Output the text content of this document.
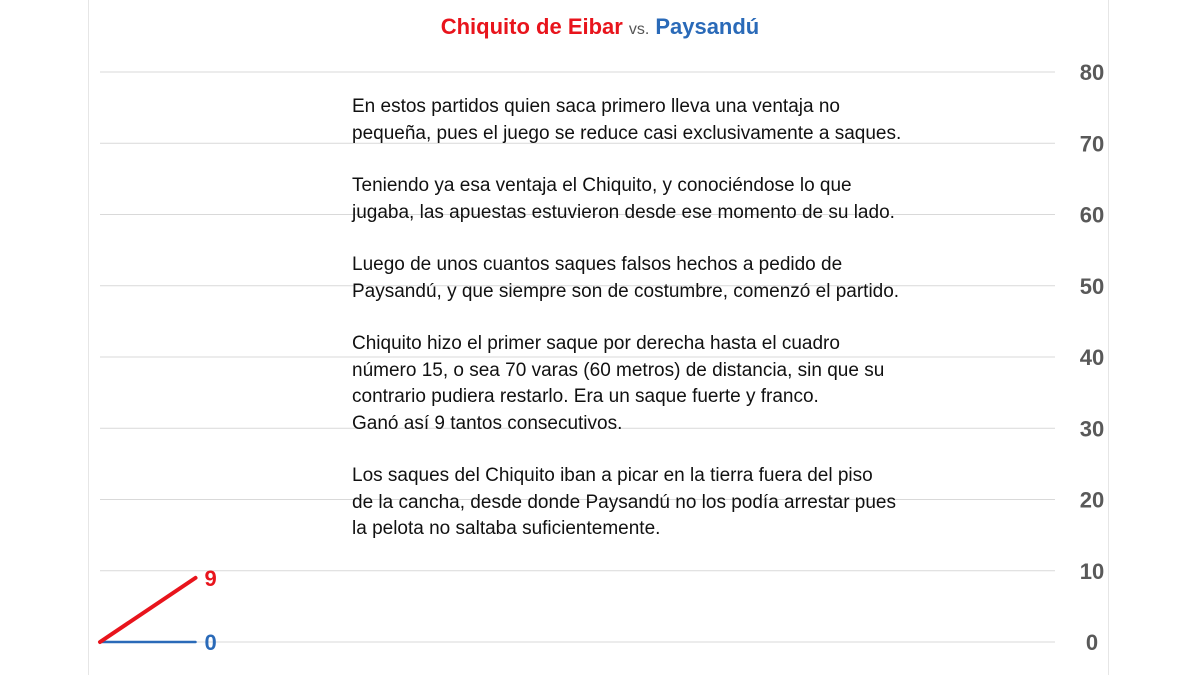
Chiquito de Eibar vs. Paysandú
0
10
20
30
40
50
60
70
80
0
9

En estos partidos quien saca primero lleva una ventaja no
pequeña, pues el juego se reduce casi exclusivamente a saques.

Teniendo ya esa ventaja el Chiquito, y conociéndose lo que
jugaba, las apuestas estuvieron desde ese momento de su lado.

Luego de unos cuantos saques falsos hechos a pedido de
Paysandú, y que siempre son de costumbre, comenzó el partido.

Chiquito hizo el primer saque por derecha hasta el cuadro
número 15, o sea 70 varas (60 metros) de distancia, sin que su
contrario pudiera restarlo. Era un saque fuerte y franco.
Ganó así 9 tantos consecutivos.

Los saques del Chiquito iban a picar en la tierra fuera del piso
de la cancha, desde donde Paysandú no los podía arrestar pues
la pelota no saltaba suficientemente.
